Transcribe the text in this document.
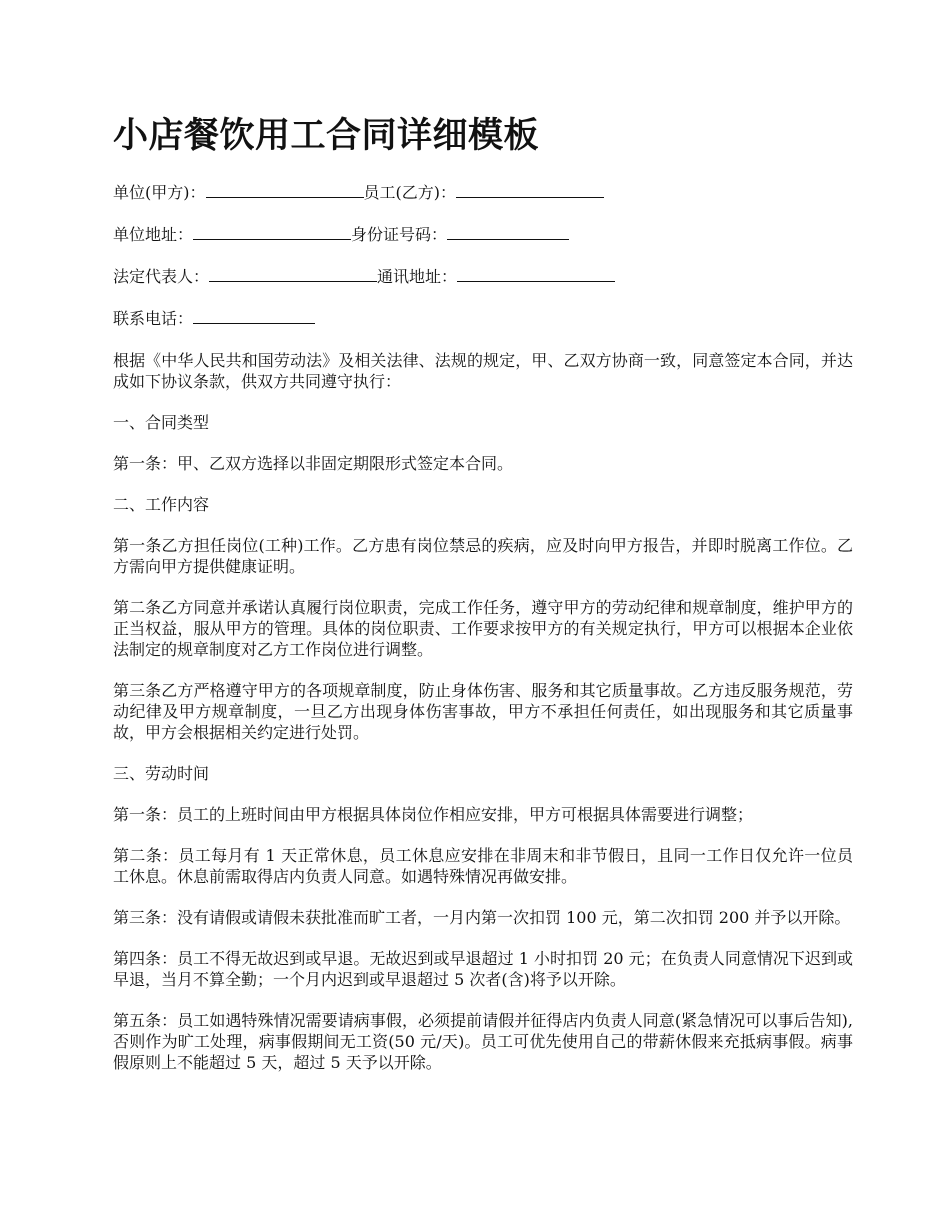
小店餐饮用工合同详细模板
单位(甲方)：	员工(乙方)：
单位地址：	身份证号码：
法定代表人：	通讯地址：
联系电话：

根据《中华人民共和国劳动法》及相关法律、法规的规定，甲、乙双方协商一致，同意签定本合同，并达成如下协议条款，供双方共同遵守执行：

一、合同类型

第一条：甲、乙双方选择以非固定期限形式签定本合同。

二、工作内容

第一条乙方担任岗位(工种)工作。乙方患有岗位禁忌的疾病，应及时向甲方报告，并即时脱离工作位。乙方需向甲方提供健康证明。

第二条乙方同意并承诺认真履行岗位职责，完成工作任务，遵守甲方的劳动纪律和规章制度，维护甲方的正当权益，服从甲方的管理。具体的岗位职责、工作要求按甲方的有关规定执行，甲方可以根据本企业依法制定的规章制度对乙方工作岗位进行调整。

第三条乙方严格遵守甲方的各项规章制度，防止身体伤害、服务和其它质量事故。乙方违反服务规范，劳动纪律及甲方规章制度，一旦乙方出现身体伤害事故，甲方不承担任何责任，如出现服务和其它质量事故，甲方会根据相关约定进行处罚。

三、劳动时间

第一条：员工的上班时间由甲方根据具体岗位作相应安排，甲方可根据具体需要进行调整；

第二条：员工每月有 1 天正常休息，员工休息应安排在非周末和非节假日，且同一工作日仅允许一位员工休息。休息前需取得店内负责人同意。如遇特殊情况再做安排。

第三条：没有请假或请假未获批准而旷工者，一月内第一次扣罚 100 元，第二次扣罚 200 并予以开除。

第四条：员工不得无故迟到或早退。无故迟到或早退超过 1 小时扣罚 20 元；在负责人同意情况下迟到或早退，当月不算全勤；一个月内迟到或早退超过 5 次者(含)将予以开除。

第五条：员工如遇特殊情况需要请病事假，必须提前请假并征得店内负责人同意(紧急情况可以事后告知),否则作为旷工处理，病事假期间无工资(50 元/天)。员工可优先使用自己的带薪休假来充抵病事假。病事假原则上不能超过 5 天，超过 5 天予以开除。
